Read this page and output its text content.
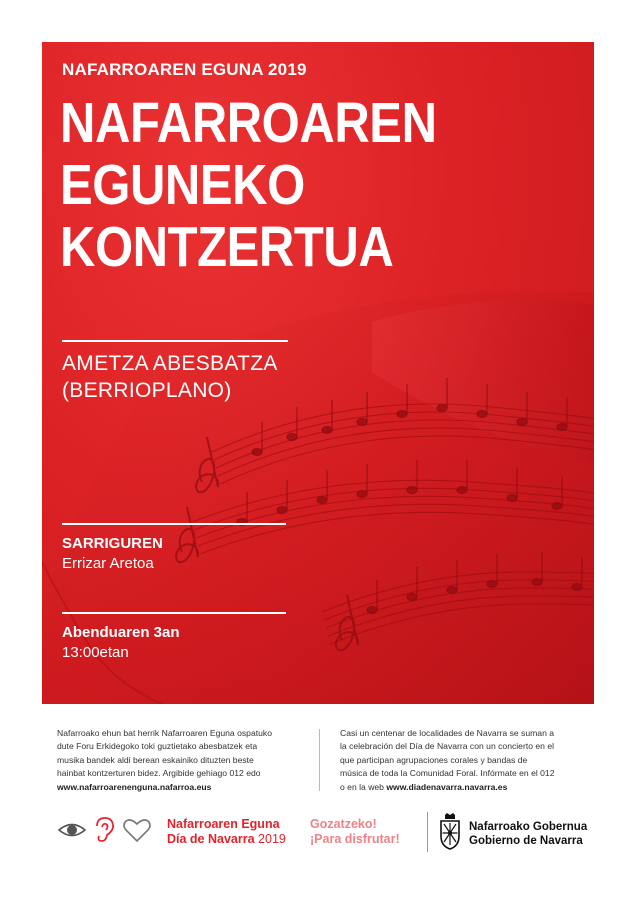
NAFARROAREN EGUNA 2019
NAFARROAREN
EGUNEKO
KONTZERTUA
AMETZA ABESBATZA
(BERRIOPLANO)
SARRIGUREN
Errizar Aretoa
Abenduaren 3an
13:00etan
Nafarroako ehun bat herrik Nafarroaren Eguna ospatuko
dute Foru Erkidegoko toki guztietako abesbatzek eta
musika bandek aldi berean eskainiko dituzten beste
hainbat kontzerturen bidez. Argibide gehiago 012 edo
www.nafarroarenenguna.nafarroa.eus
Casi un centenar de localidades de Navarra se suman a
la celebración del Día de Navarra con un concierto en el
que participan agrupaciones corales y bandas de
música de toda la Comunidad Foral. Infórmate en el 012
o en la web www.diadenavarra.navarra.es
Nafarroaren Eguna
Día de Navarra 2019
Gozatzeko!
¡Para disfrutar!
Nafarroako Gobernua
Gobierno de Navarra
